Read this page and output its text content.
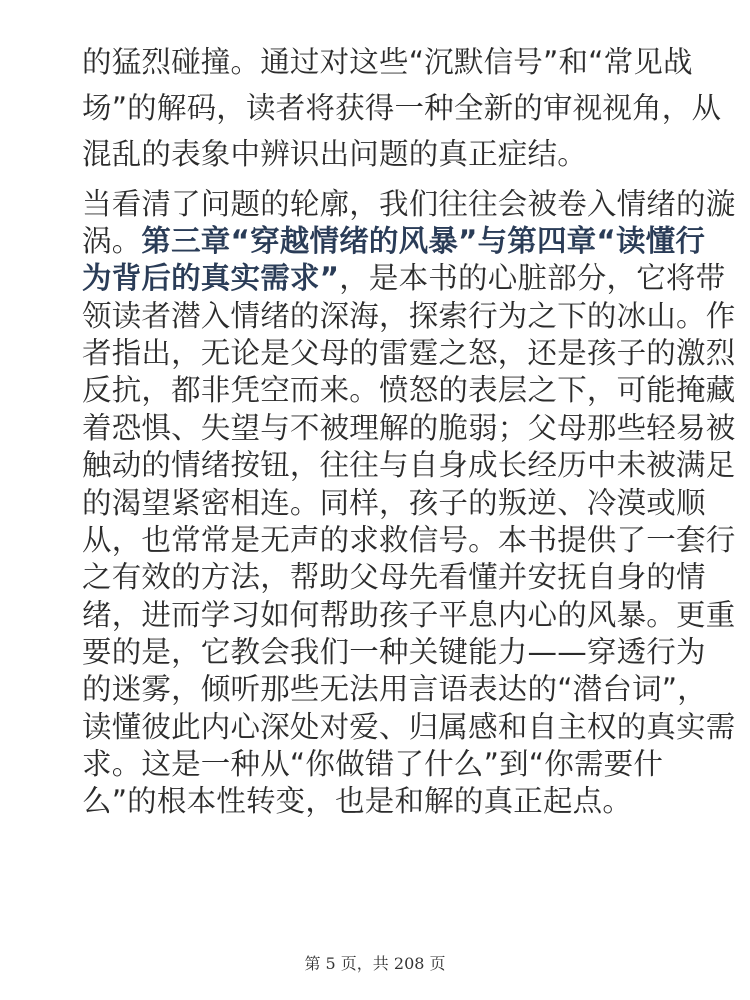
的猛烈碰撞。通过对这些“沉默信号”和“常见战
场”的解码，读者将获得一种全新的审视视角，从
混乱的表象中辨识出问题的真正症结。
当看清了问题的轮廓，我们往往会被卷入情绪的漩
涡。第三章“穿越情绪的风暴”与第四章“读懂行
为背后的真实需求”，是本书的心脏部分，它将带
领读者潜入情绪的深海，探索行为之下的冰山。作
者指出，无论是父母的雷霆之怒，还是孩子的激烈
反抗，都非凭空而来。愤怒的表层之下，可能掩藏
着恐惧、失望与不被理解的脆弱；父母那些轻易被
触动的情绪按钮，往往与自身成长经历中未被满足
的渴望紧密相连。同样，孩子的叛逆、冷漠或顺
从，也常常是无声的求救信号。本书提供了一套行
之有效的方法，帮助父母先看懂并安抚自身的情
绪，进而学习如何帮助孩子平息内心的风暴。更重
要的是，它教会我们一种关键能力——穿透行为
的迷雾，倾听那些无法用言语表达的“潜台词”，
读懂彼此内心深处对爱、归属感和自主权的真实需
求。这是一种从“你做错了什么”到“你需要什
么”的根本性转变，也是和解的真正起点。
第 5 页，共 208 页
